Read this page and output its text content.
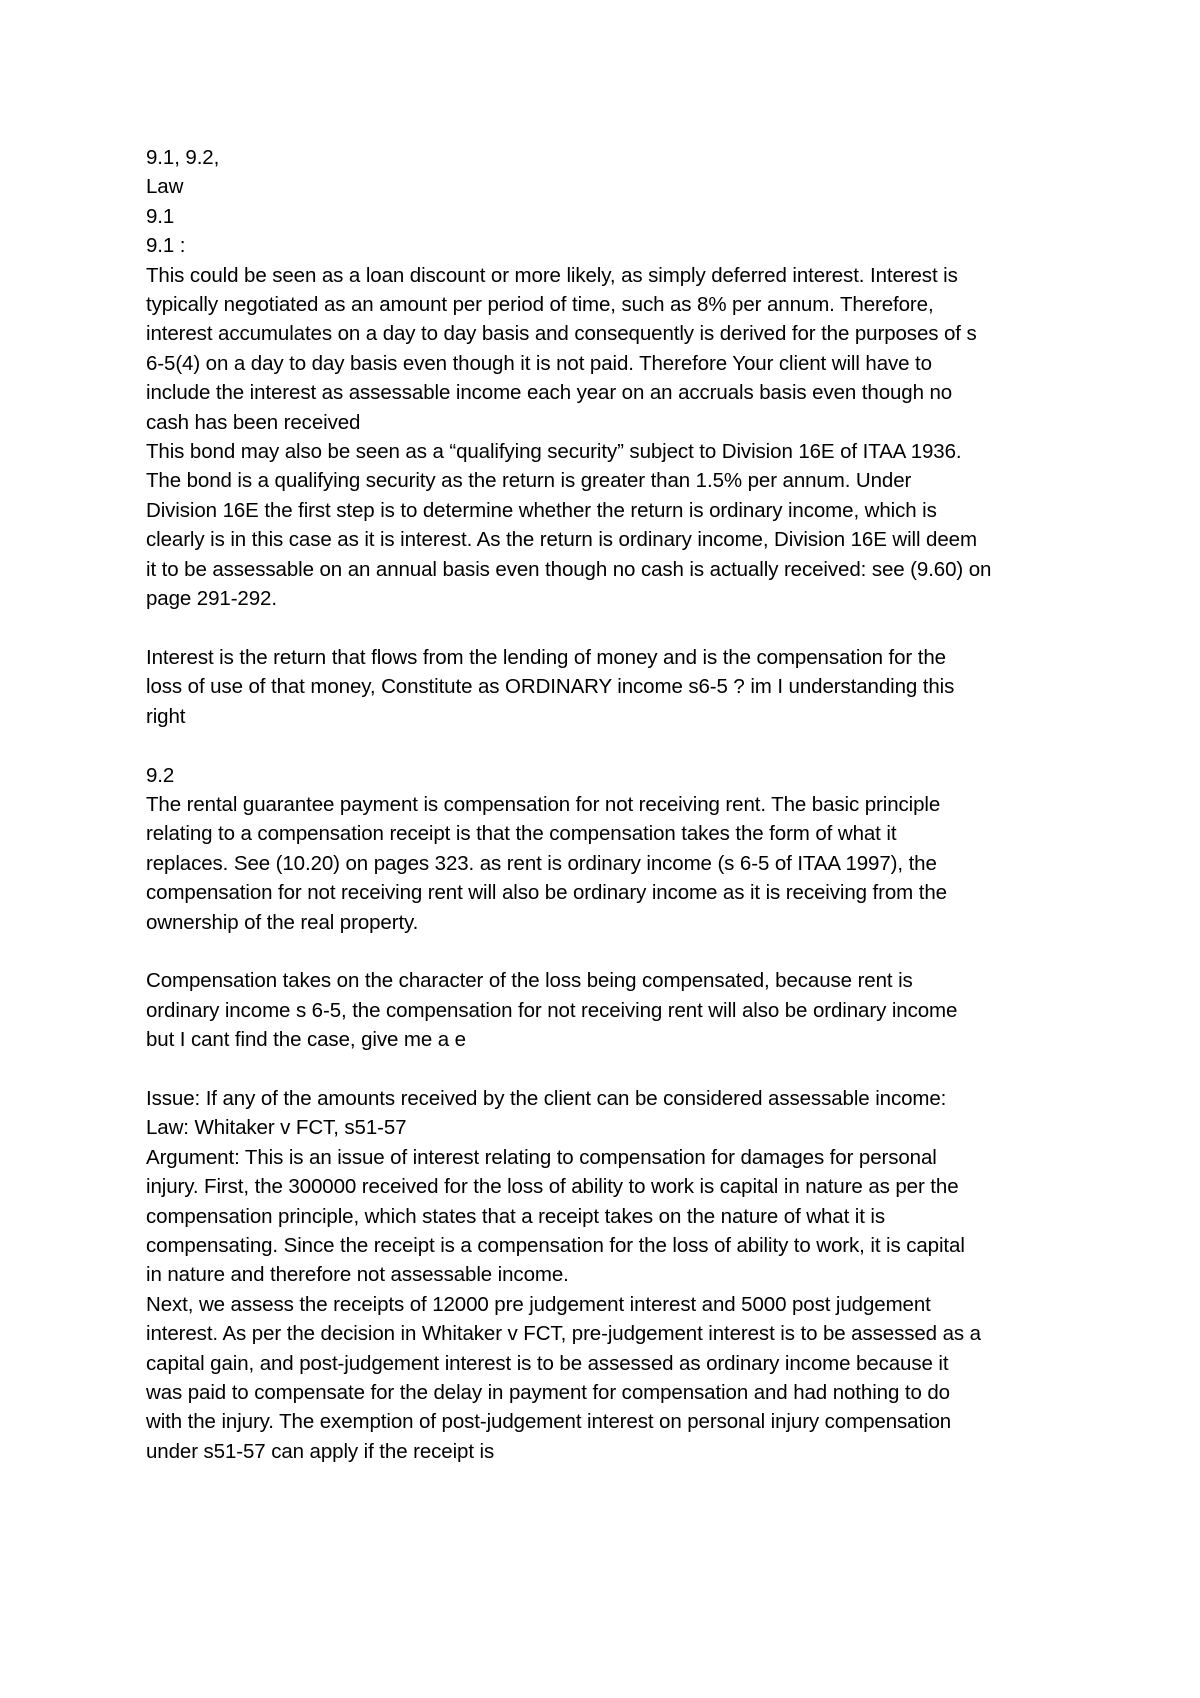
9.1, 9.2,
Law
9.1
9.1 :
This could be seen as a loan discount or more likely, as simply deferred interest. Interest is
typically negotiated as an amount per period of time, such as 8% per annum. Therefore,
interest accumulates on a day to day basis and consequently is derived for the purposes of s
6-5(4) on a day to day basis even though it is not paid. Therefore Your client will have to
include the interest as assessable income each year on an accruals basis even though no
cash has been received
This bond may also be seen as a “qualifying security” subject to Division 16E of ITAA 1936.
The bond is a qualifying security as the return is greater than 1.5% per annum. Under
Division 16E the first step is to determine whether the return is ordinary income, which is
clearly is in this case as it is interest. As the return is ordinary income, Division 16E will deem
it to be assessable on an annual basis even though no cash is actually received: see (9.60) on
page 291-292.
Interest is the return that flows from the lending of money and is the compensation for the
loss of use of that money, Constitute as ORDINARY income s6-5 ? im I understanding this
right
9.2
The rental guarantee payment is compensation for not receiving rent. The basic principle
relating to a compensation receipt is that the compensation takes the form of what it
replaces. See (10.20) on pages 323. as rent is ordinary income (s 6-5 of ITAA 1997), the
compensation for not receiving rent will also be ordinary income as it is receiving from the
ownership of the real property.
Compensation takes on the character of the loss being compensated, because rent is
ordinary income s 6-5, the compensation for not receiving rent will also be ordinary income
but I cant find the case, give me a e
Issue: If any of the amounts received by the client can be considered assessable income:
Law: Whitaker v FCT, s51-57
Argument: This is an issue of interest relating to compensation for damages for personal
injury. First, the 300000 received for the loss of ability to work is capital in nature as per the
compensation principle, which states that a receipt takes on the nature of what it is
compensating. Since the receipt is a compensation for the loss of ability to work, it is capital
in nature and therefore not assessable income.
Next, we assess the receipts of 12000 pre judgement interest and 5000 post judgement
interest. As per the decision in Whitaker v FCT, pre-judgement interest is to be assessed as a
capital gain, and post-judgement interest is to be assessed as ordinary income because it
was paid to compensate for the delay in payment for compensation and had nothing to do
with the injury. The exemption of post-judgement interest on personal injury compensation
under s51-57 can apply if the receipt is
